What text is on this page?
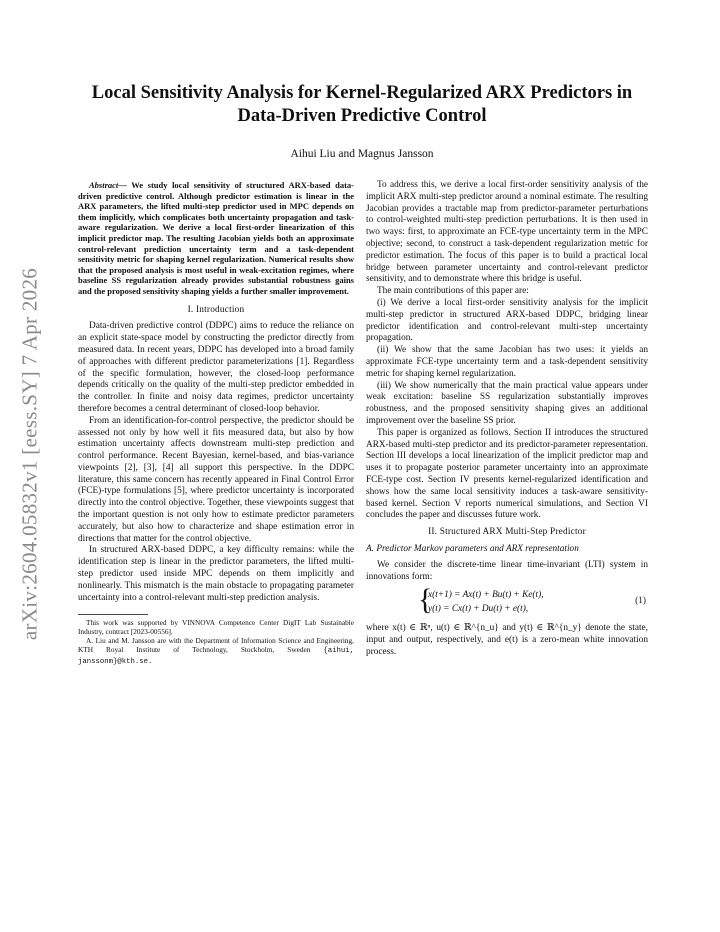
arXiv:2604.05832v1 [eess.SY] 7 Apr 2026
Local Sensitivity Analysis for Kernel-Regularized ARX Predictors in Data-Driven Predictive Control
Aihui Liu and Magnus Jansson

Abstract— We study local sensitivity of structured ARX-based data-driven predictive control. Although predictor estimation is linear in the ARX parameters, the lifted multi-step predictor used in MPC depends on them implicitly, which complicates both uncertainty propagation and task-aware regularization. We derive a local first-order linearization of this implicit predictor map. The resulting Jacobian yields both an approximate control-relevant prediction uncertainty term and a task-dependent sensitivity metric for shaping kernel regularization. Numerical results show that the proposed analysis is most useful in weak-excitation regimes, where baseline SS regularization already provides substantial robustness gains and the proposed sensitivity shaping yields a further smaller improvement.

I. Introduction

Data-driven predictive control (DDPC) aims to reduce the reliance on an explicit state-space model by constructing the predictor directly from measured data. In recent years, DDPC has developed into a broad family of approaches with different predictor parameterizations [1]. Regardless of the specific formulation, however, the closed-loop performance depends critically on the quality of the multi-step predictor embedded in the controller. In finite and noisy data regimes, predictor uncertainty therefore becomes a central determinant of closed-loop behavior.

From an identification-for-control perspective, the predictor should be assessed not only by how well it fits measured data, but also by how estimation uncertainty affects downstream multi-step prediction and control performance. Recent Bayesian, kernel-based, and bias-variance viewpoints [2], [3], [4] all support this perspective. In the DDPC literature, this same concern has recently appeared in Final Control Error (FCE)-type formulations [5], where predictor uncertainty is incorporated directly into the control objective. Together, these viewpoints suggest that the important question is not only how to estimate predictor parameters accurately, but also how to characterize and shape estimation error in directions that matter for the control objective.

In structured ARX-based DDPC, a key difficulty remains: while the identification step is linear in the predictor parameters, the lifted multi-step predictor used inside MPC depends on them implicitly and nonlinearly. This mismatch is the main obstacle to propagating parameter uncertainty into a control-relevant multi-step prediction analysis.

This work was supported by VINNOVA Competence Center DigIT Lab Sustainable Industry, contract [2023-00556].

A. Liu and M. Jansson are with the Department of Information Science and Engineering, KTH Royal Institute of Technology, Stockholm, Sweden {aihui, janssonm}@kth.se.

To address this, we derive a local first-order sensitivity analysis of the implicit ARX multi-step predictor around a nominal estimate. The resulting Jacobian provides a tractable map from predictor-parameter perturbations to control-weighted multi-step prediction perturbations. It is then used in two ways: first, to approximate an FCE-type uncertainty term in the MPC objective; second, to construct a task-dependent regularization metric for predictor estimation. The focus of this paper is to build a practical local bridge between parameter uncertainty and control-relevant predictor sensitivity, and to demonstrate where this bridge is useful.

The main contributions of this paper are:

(i) We derive a local first-order sensitivity analysis for the implicit multi-step predictor in structured ARX-based DDPC, bridging linear predictor identification and control-relevant multi-step uncertainty propagation.

(ii) We show that the same Jacobian has two uses: it yields an approximate FCE-type uncertainty term and a task-dependent sensitivity metric for shaping kernel regularization.

(iii) We show numerically that the main practical value appears under weak excitation: baseline SS regularization substantially improves robustness, and the proposed sensitivity shaping gives an additional improvement over the baseline SS prior.

This paper is organized as follows. Section II introduces the structured ARX-based multi-step predictor and its predictor-parameter representation. Section III develops a local linearization of the implicit predictor map and uses it to propagate posterior parameter uncertainty into an approximate FCE-type cost. Section IV presents kernel-regularized identification and shows how the same local sensitivity induces a task-aware sensitivity-based kernel. Section V reports numerical simulations, and Section VI concludes the paper and discusses future work.

II. Structured ARX Multi-Step Predictor
A. Predictor Markov parameters and ARX representation

We consider the discrete-time linear time-invariant (LTI) system in innovations form:

{
x(t+1) = Ax(t) + Bu(t) + Ke(t),
y(t) = Cx(t) + Du(t) + e(t),
(1)

where x(t) ∈ ℝⁿ, u(t) ∈ ℝ^{n_u} and y(t) ∈ ℝ^{n_y} denote the state, input and output, respectively, and e(t) is a zero-mean white innovation process.
